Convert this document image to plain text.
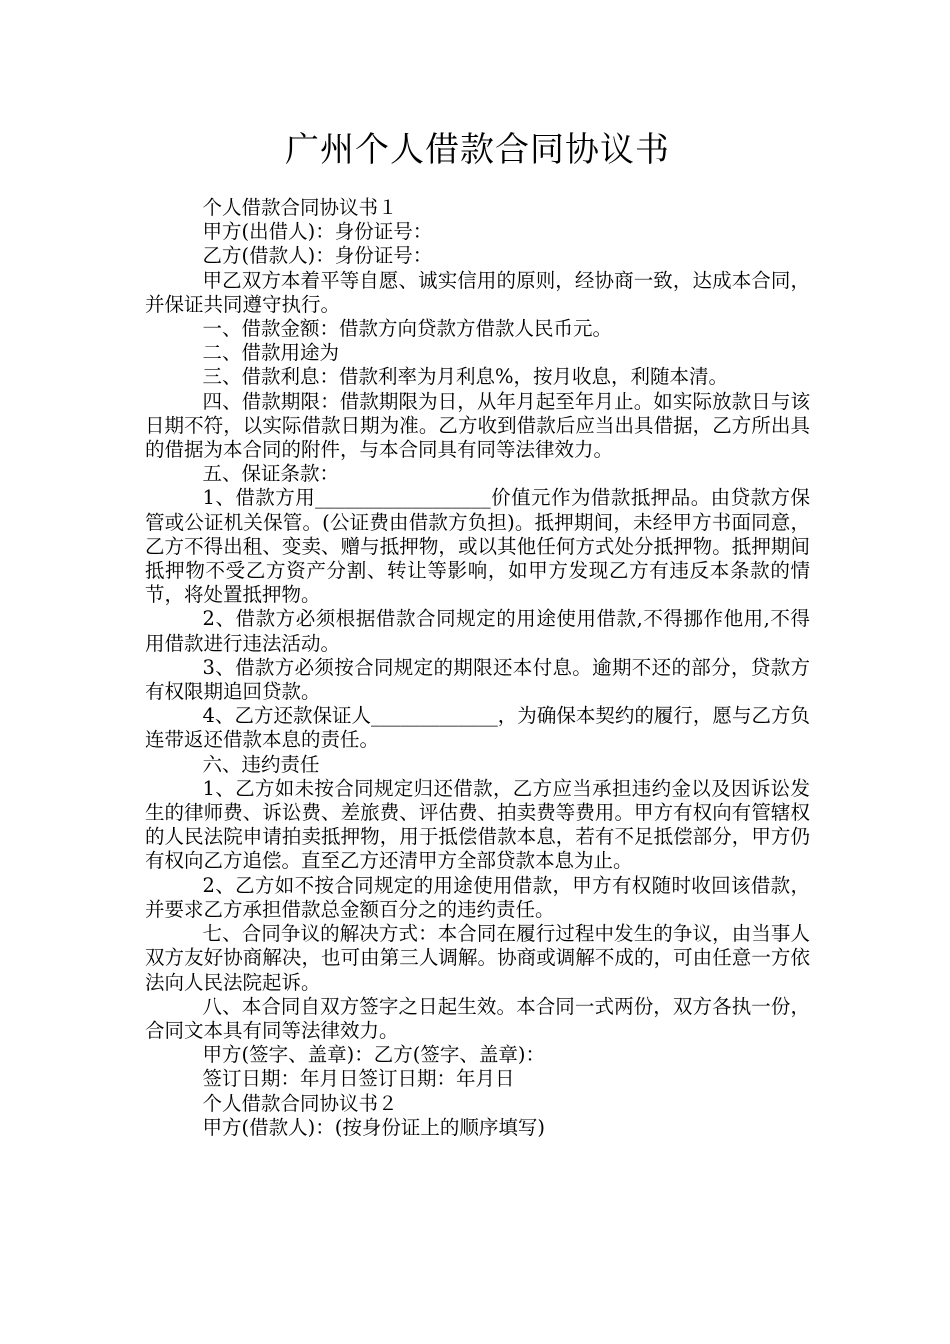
广州个人借款合同协议书

个人借款合同协议书１

甲方(出借人)：身份证号：

乙方(借款人)：身份证号：

甲乙双方本着平等自愿、诚实信用的原则，经协商一致，达成本合同，并保证共同遵守执行。

一、借款金额：借款方向贷款方借款人民币元。

二、借款用途为

三、借款利息：借款利率为月利息%，按月收息，利随本清。

四、借款期限：借款期限为日，从年月起至年月止。如实际放款日与该日期不符，以实际借款日期为准。乙方收到借款后应当出具借据，乙方所出具的借据为本合同的附件，与本合同具有同等法律效力。

五、保证条款：

1、借款方用__________________价值元作为借款抵押品。由贷款方保管或公证机关保管。(公证费由借款方负担)。抵押期间，未经甲方书面同意，乙方不得出租、变卖、赠与抵押物，或以其他任何方式处分抵押物。抵押期间抵押物不受乙方资产分割、转让等影响，如甲方发现乙方有违反本条款的情节，将处置抵押物。

2、借款方必须根据借款合同规定的用途使用借款,不得挪作他用,不得用借款进行违法活动。

3、借款方必须按合同规定的期限还本付息。逾期不还的部分，贷款方有权限期追回贷款。

4、乙方还款保证人_____________，为确保本契约的履行，愿与乙方负连带返还借款本息的责任。

六、违约责任

1、乙方如未按合同规定归还借款，乙方应当承担违约金以及因诉讼发生的律师费、诉讼费、差旅费、评估费、拍卖费等费用。甲方有权向有管辖权的人民法院申请拍卖抵押物，用于抵偿借款本息，若有不足抵偿部分，甲方仍有权向乙方追偿。直至乙方还清甲方全部贷款本息为止。

2、乙方如不按合同规定的用途使用借款，甲方有权随时收回该借款，并要求乙方承担借款总金额百分之的违约责任。

七、合同争议的解决方式：本合同在履行过程中发生的争议，由当事人双方友好协商解决，也可由第三人调解。协商或调解不成的，可由任意一方依法向人民法院起诉。

八、本合同自双方签字之日起生效。本合同一式两份，双方各执一份，合同文本具有同等法律效力。

甲方(签字、盖章)：乙方(签字、盖章)：

签订日期：年月日签订日期：年月日

个人借款合同协议书２

甲方(借款人)：(按身份证上的顺序填写)
